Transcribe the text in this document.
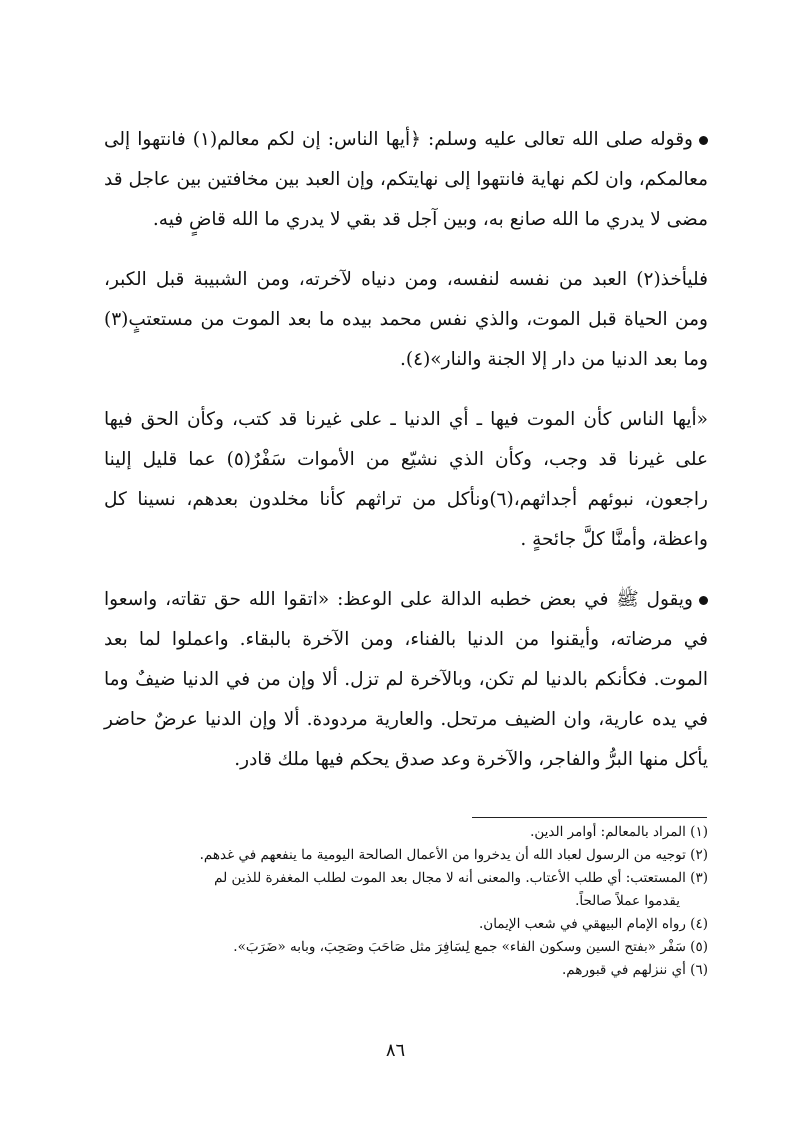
وقوله صلى الله تعالى عليه وسلم: ﴿أيها الناس: إن لكم معالم(١) فانتهوا إلى معالمكم، وان لكم نهاية فانتهوا إلى نهايتكم، وإن العبد بين مخافتين بين عاجل قد مضى لا يدري ما الله صانع به، وبين آجل قد بقي لا يدري ما الله قاضٍ فيه.

فليأخذ(٢) العبد من نفسه لنفسه، ومن دنياه لآخرته، ومن الشبيبة قبل الكبر، ومن الحياة قبل الموت، والذي نفس محمد بيده ما بعد الموت من مستعتبٍ(٣) وما بعد الدنيا من دار إلا الجنة والنار»(٤).

«أيها الناس كأن الموت فيها ـ أي الدنيا ـ على غيرنا قد كتب، وكأن الحق فيها على غيرنا قد وجب، وكأن الذي نشيّع من الأموات سَفْرٌ(٥) عما قليل إلينا راجعون، نبوئهم أجداثهم،(٦)ونأكل من تراثهم كأنا مخلدون بعدهم، نسينا كل واعظة، وأمنَّا كلَّ جائحةٍ .

ويقول ﷺ في بعض خطبه الدالة على الوعظ: «اتقوا الله حق تقاته، واسعوا في مرضاته، وأيقنوا من الدنيا بالفناء، ومن الآخرة بالبقاء. واعملوا لما بعد الموت. فكأنكم بالدنيا لم تكن، وبالآخرة لم تزل. ألا وإن من في الدنيا ضيفٌ وما في يده عارية، وان الضيف مرتحل. والعارية مردودة. ألا وإن الدنيا عرضٌ حاضر يأكل منها البرُّ والفاجر، والآخرة وعد صدق يحكم فيها ملك قادر.

(١) المراد بالمعالم: أوامر الدين.

(٢) توجيه من الرسول لعباد الله أن يدخروا من الأعمال الصالحة اليومية ما ينفعهم في غدهم.

(٣) المستعتب: أي طلب الأعتاب. والمعنى أنه لا مجال بعد الموت لطلب المغفرة للذين لم

يقدموا عملاً صالحاً.

(٤) رواه الإمام البيهقي في شعب الإيمان.

(٥) سَفْر «بفتح السين وسكون الفاء» جمع لِسَافِرَ مثل صَاحَبَ وصَحِبَ، وبابه «ضَرَبَ».

(٦) أي ننزلهم في قبورهم.

٨٦
